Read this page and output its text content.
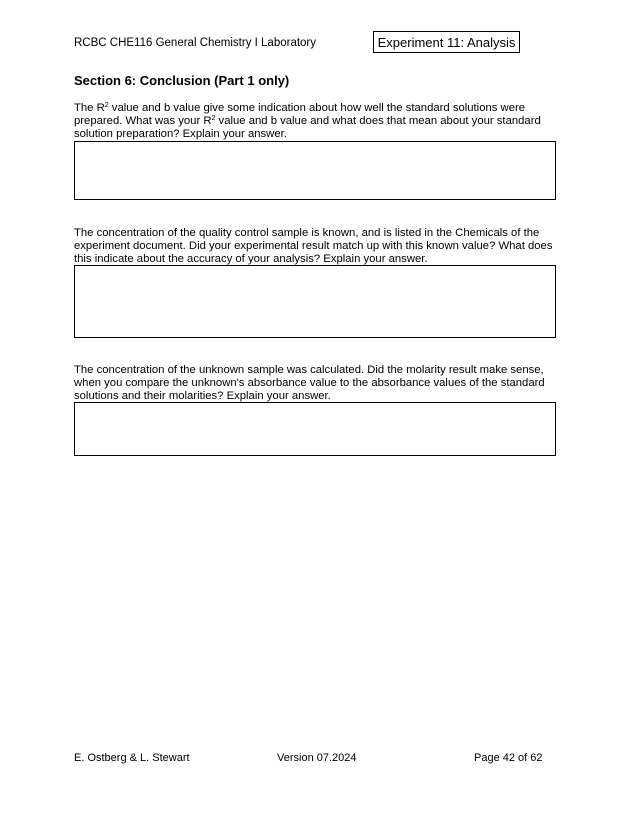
RCBC CHE116 General Chemistry I Laboratory	Experiment 11: Analysis
Section 6: Conclusion (Part 1 only)
The $R^2$ value and b value give some indication about how well the standard solutions were prepared. What was your $R^2$ value and b value and what does that mean about your standard solution preparation? Explain your answer.
The concentration of the quality control sample is known, and is listed in the Chemicals of the experiment document. Did your experimental result match up with this known value? What does this indicate about the accuracy of your analysis? Explain your answer.
The concentration of the unknown sample was calculated. Did the molarity result make sense, when you compare the unknown's absorbance value to the absorbance values of the standard solutions and their molarities? Explain your answer.
E. Ostberg & L. Stewart	Version 07.2024	Page 42 of 62
